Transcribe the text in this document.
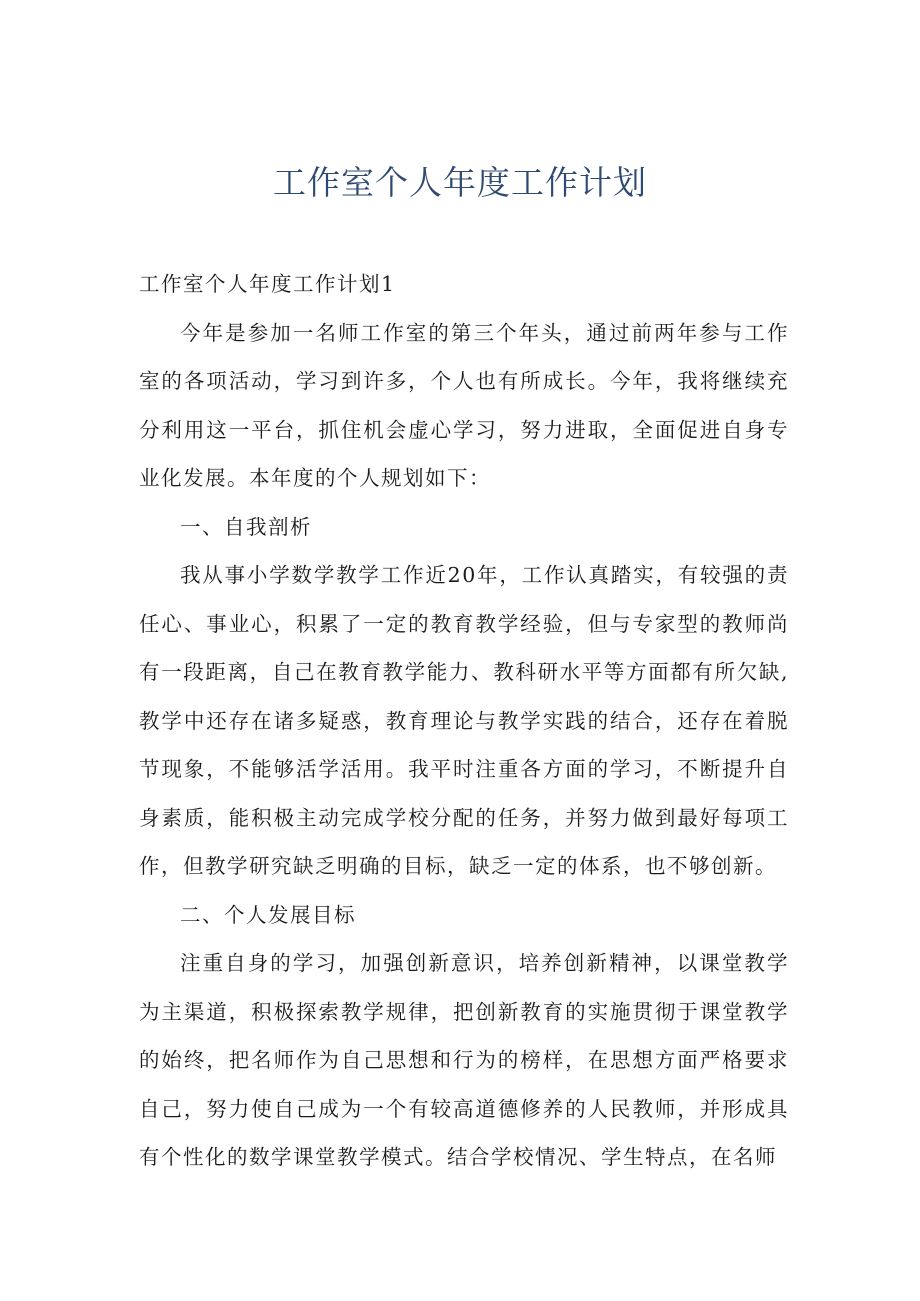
工作室个人年度工作计划

工作室个人年度工作计划1

今年是参加一名师工作室的第三个年头，通过前两年参与工作室的各项活动，学习到许多，个人也有所成长。今年，我将继续充分利用这一平台，抓住机会虚心学习，努力进取，全面促进自身专业化发展。本年度的个人规划如下：

一、自我剖析

我从事小学数学教学工作近20年，工作认真踏实，有较强的责任心、事业心，积累了一定的教育教学经验，但与专家型的教师尚有一段距离，自己在教育教学能力、教科研水平等方面都有所欠缺,教学中还存在诸多疑惑，教育理论与教学实践的结合，还存在着脱节现象，不能够活学活用。我平时注重各方面的学习，不断提升自身素质，能积极主动完成学校分配的任务，并努力做到最好每项工作，但教学研究缺乏明确的目标，缺乏一定的体系，也不够创新。

二、个人发展目标

注重自身的学习，加强创新意识，培养创新精神，以课堂教学为主渠道，积极探索教学规律，把创新教育的实施贯彻于课堂教学的始终，把名师作为自己思想和行为的榜样，在思想方面严格要求自己，努力使自己成为一个有较高道德修养的人民教师，并形成具有个性化的数学课堂教学模式。结合学校情况、学生特点，在名师
